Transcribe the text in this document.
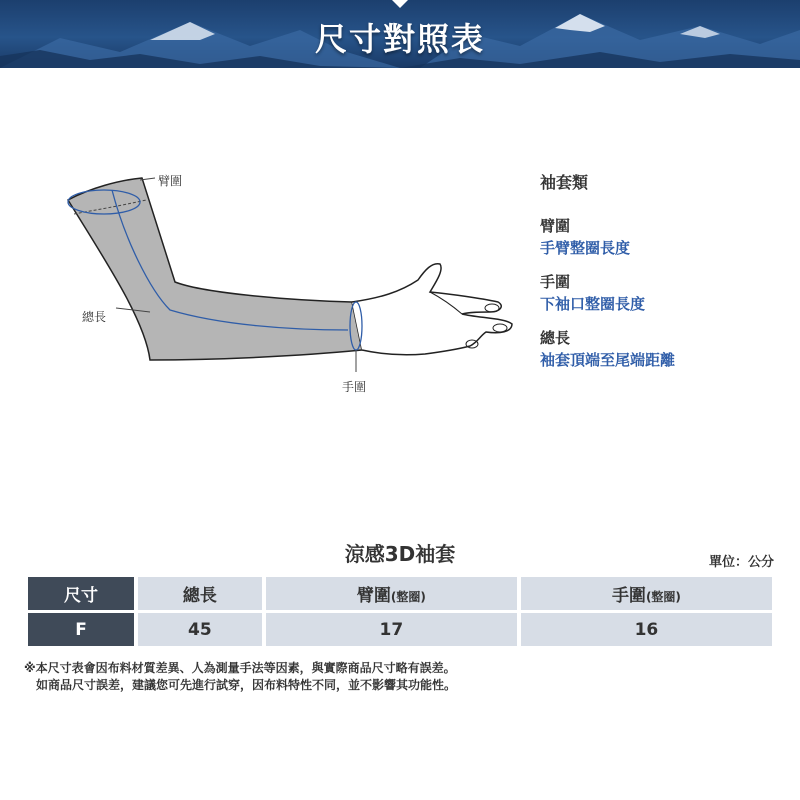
尺寸對照表
臂圍
總長
手圍
袖套類
臂圍
手臂整圈長度
手圍
下袖口整圈長度
總長
袖套頂端至尾端距離
涼感3D袖套	單位：公分
尺寸	總長	臂圍(整圈)	手圍(整圈)
F	45	17	16
※本尺寸表會因布料材質差異、人為測量手法等因素，與實際商品尺寸略有誤差。
如商品尺寸誤差，建議您可先進行試穿，因布料特性不同，並不影響其功能性。
